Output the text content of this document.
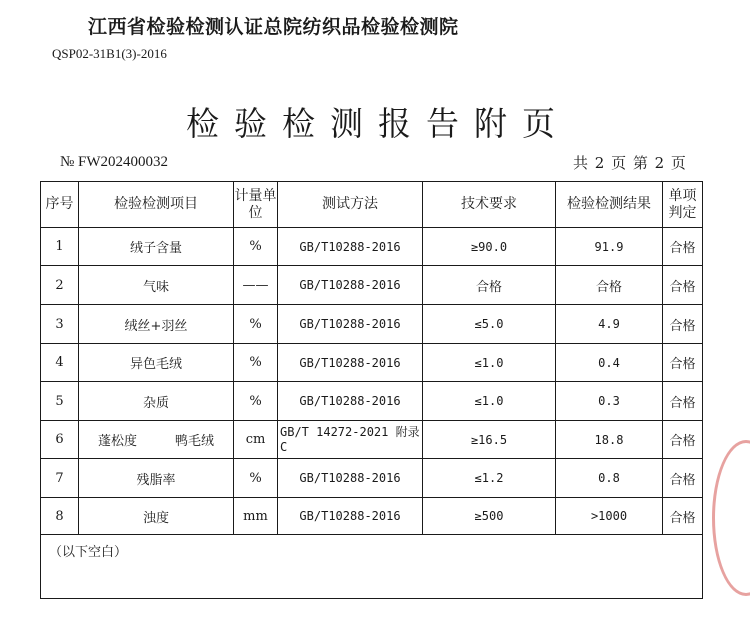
江西省检验检测认证总院纺织品检验检测院
QSP02-31B1(3)-2016
检验检测报告附页
№ FW202400032	共 2 页 第 2 页
序号	检验检测项目	计量单位	测试方法	技术要求	检验检测结果	单项判定
1	绒子含量	%	GB/T10288-2016	≥90.0	91.9	合格
2	气味	——	GB/T10288-2016	合格	合格	合格
3	绒丝+羽丝	%	GB/T10288-2016	≤5.0	4.9	合格
4	异色毛绒	%	GB/T10288-2016	≤1.0	0.4	合格
5	杂质	%	GB/T10288-2016	≤1.0	0.3	合格
6	蓬松度 鸭毛绒	cm	GB/T 14272-2021 附录C	≥16.5	18.8	合格
7	残脂率	%	GB/T10288-2016	≤1.2	0.8	合格
8	浊度	mm	GB/T10288-2016	≥500	>1000	合格
（以下空白）						
